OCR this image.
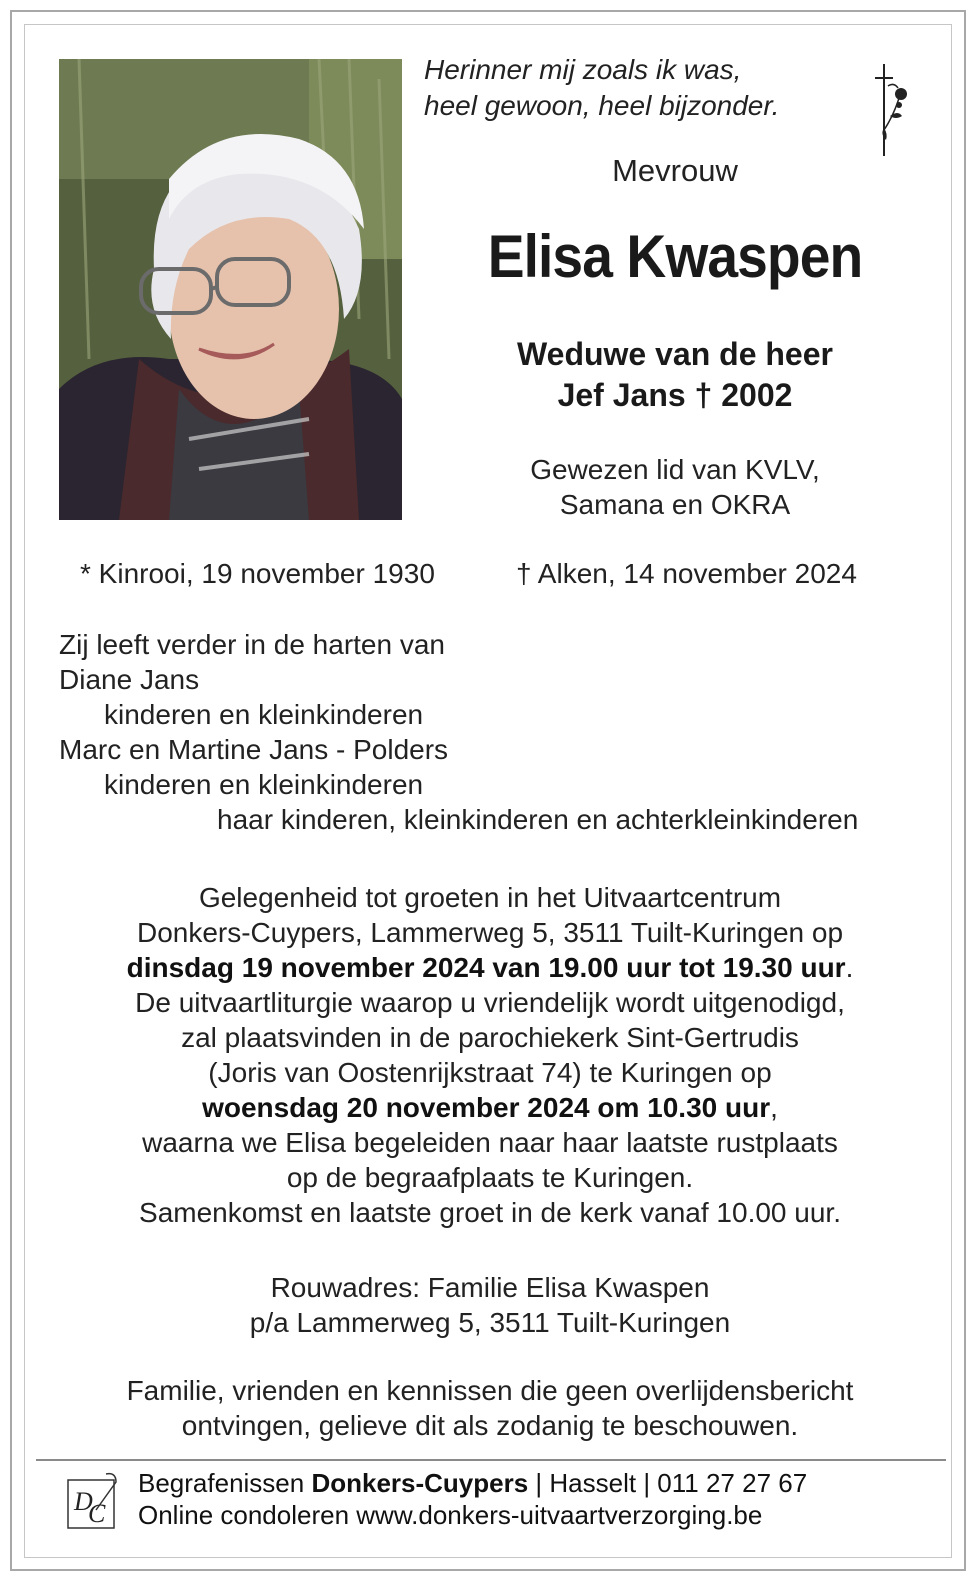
Herinner mij zoals ik was,
heel gewoon, heel bijzonder.
Mevrouw
Elisa Kwaspen
Weduwe van de heer
Jef Jans † 2002
Gewezen lid van KVLV,
Samana en OKRA
* Kinrooi, 19 november 1930	† Alken, 14 november 2024
Zij leeft verder in de harten van
Diane Jans
kinderen en kleinkinderen
Marc en Martine Jans - Polders
kinderen en kleinkinderen
haar kinderen, kleinkinderen en achterkleinkinderen
Gelegenheid tot groeten in het Uitvaartcentrum
Donkers-Cuypers, Lammerweg 5, 3511 Tuilt-Kuringen op
dinsdag 19 november 2024 van 19.00 uur tot 19.30 uur.
De uitvaartliturgie waarop u vriendelijk wordt uitgenodigd,
zal plaatsvinden in de parochiekerk Sint-Gertrudis
(Joris van Oostenrijkstraat 74) te Kuringen op
woensdag 20 november 2024 om 10.30 uur,
waarna we Elisa begeleiden naar haar laatste rustplaats
op de begraafplaats te Kuringen.
Samenkomst en laatste groet in de kerk vanaf 10.00 uur.
Rouwadres: Familie Elisa Kwaspen
p/a Lammerweg 5, 3511 Tuilt-Kuringen
Familie, vrienden en kennissen die geen overlijdensbericht
ontvingen, gelieve dit als zodanig te beschouwen.
D
C
Begrafenissen Donkers-Cuypers | Hasselt | 011 27 27 67
Online condoleren www.donkers-uitvaartverzorging.be
